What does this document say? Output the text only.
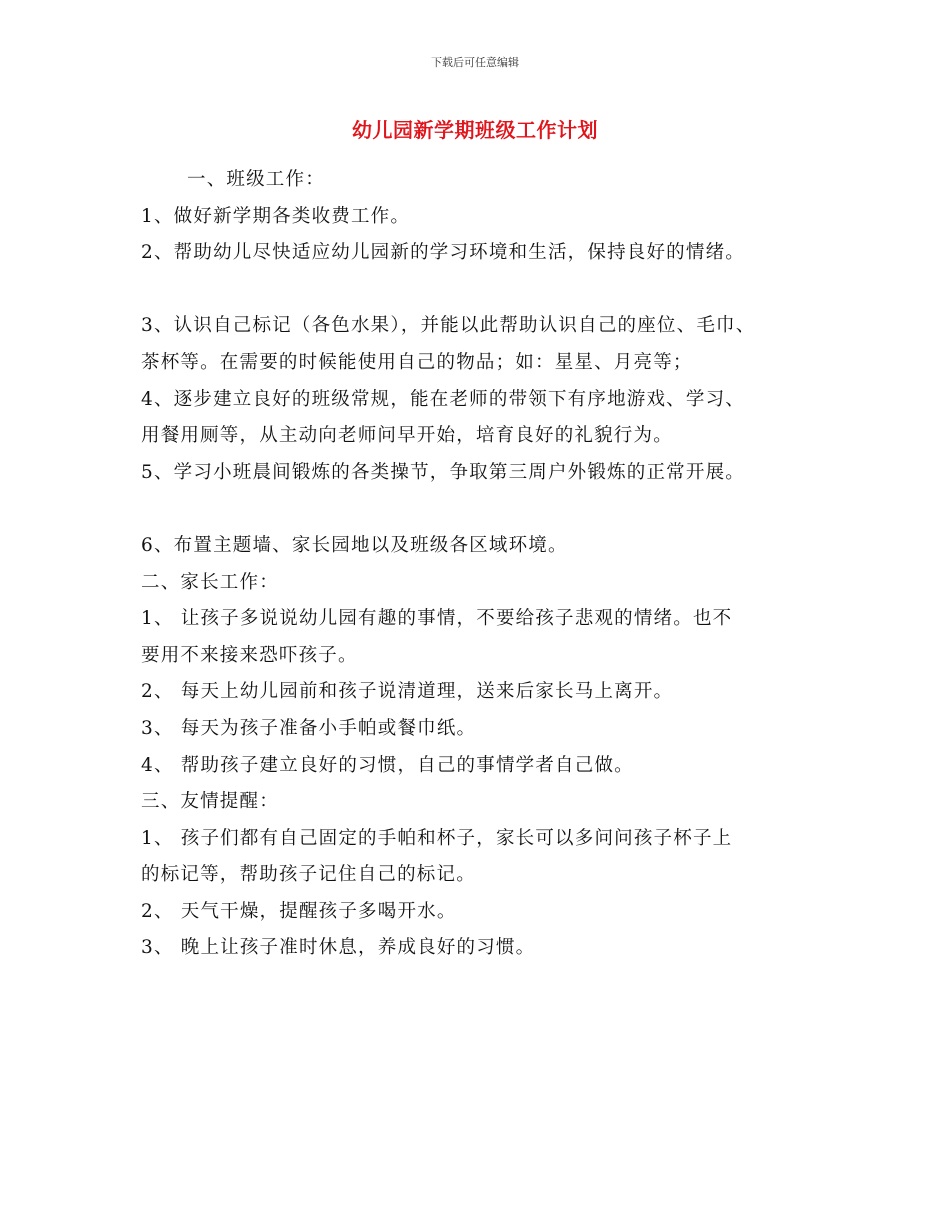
下载后可任意编辑
幼儿园新学期班级工作计划
一、班级工作：
1、做好新学期各类收费工作。
2、帮助幼儿尽快适应幼儿园新的学习环境和生活，保持良好的情绪。
3、认识自己标记（各色水果），并能以此帮助认识自己的座位、毛巾、
茶杯等。在需要的时候能使用自己的物品；如：星星、月亮等；
4、逐步建立良好的班级常规，能在老师的带领下有序地游戏、学习、
用餐用厕等，从主动向老师问早开始，培育良好的礼貌行为。
5、学习小班晨间锻炼的各类操节，争取第三周户外锻炼的正常开展。
6、布置主题墙、家长园地以及班级各区域环境。
二、家长工作：
1、 让孩子多说说幼儿园有趣的事情，不要给孩子悲观的情绪。也不
要用不来接来恐吓孩子。
2、 每天上幼儿园前和孩子说清道理，送来后家长马上离开。
3、 每天为孩子准备小手帕或餐巾纸。
4、 帮助孩子建立良好的习惯，自己的事情学者自己做。
三、友情提醒：
1、 孩子们都有自己固定的手帕和杯子，家长可以多问问孩子杯子上
的标记等，帮助孩子记住自己的标记。
2、 天气干燥，提醒孩子多喝开水。
3、 晚上让孩子准时休息，养成良好的习惯。
